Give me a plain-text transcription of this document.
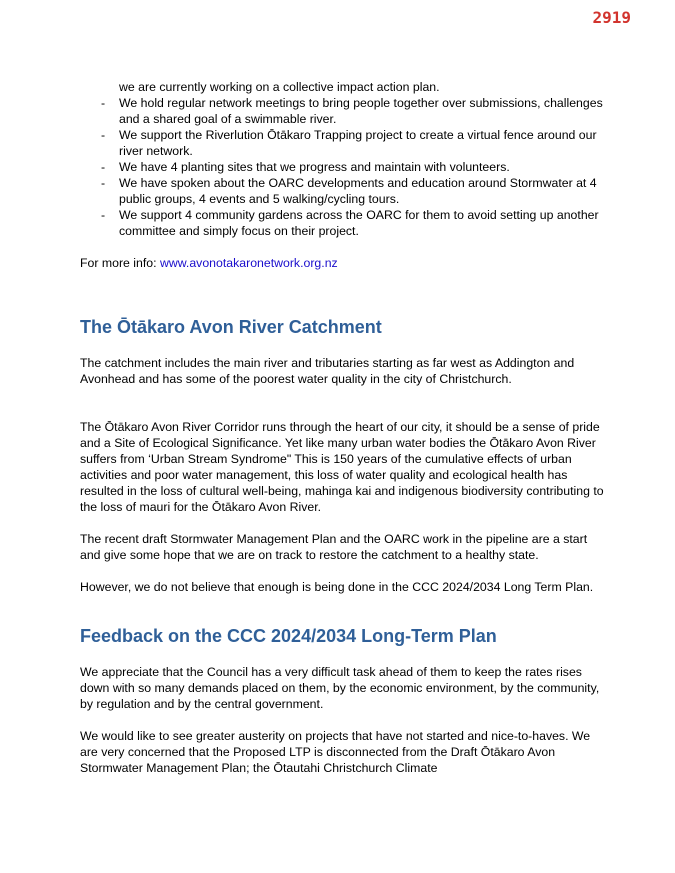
2919

we are currently working on a collective impact action plan.

- We hold regular network meetings to bring people together over submissions, challenges and a shared goal of a swimmable river.
- We support the Riverlution Ōtākaro Trapping project to create a virtual fence around our river network.
- We have 4 planting sites that we progress and maintain with volunteers.
- We have spoken about the OARC developments and education around Stormwater at 4 public groups, 4 events and 5 walking/cycling tours.
- We support 4 community gardens across the OARC for them to avoid setting up another committee and simply focus on their project.

For more info: www.avonotakaronetwork.org.nz

The Ōtākaro Avon River Catchment

The catchment includes the main river and tributaries starting as far west as Addington and Avonhead and has some of the poorest water quality in the city of Christchurch.

The Ōtākaro Avon River Corridor runs through the heart of our city, it should be a sense of pride and a Site of Ecological Significance. Yet like many urban water bodies the Ōtākaro Avon River suffers from ‘Urban Stream Syndrome" This is 150 years of the cumulative effects of urban activities and poor water management, this loss of water quality and ecological health has resulted in the loss of cultural well-being, mahinga kai and indigenous biodiversity contributing to the loss of mauri for the Ōtākaro Avon River.

The recent draft Stormwater Management Plan and the OARC work in the pipeline are a start and give some hope that we are on track to restore the catchment to a healthy state.

However, we do not believe that enough is being done in the CCC 2024/2034 Long Term Plan.

Feedback on the CCC 2024/2034 Long-Term Plan

We appreciate that the Council has a very difficult task ahead of them to keep the rates rises down with so many demands placed on them, by the economic environment, by the community, by regulation and by the central government.

We would like to see greater austerity on projects that have not started and nice-to-haves. We are very concerned that the Proposed LTP is disconnected from the Draft Ōtākaro Avon Stormwater Management Plan; the Ōtautahi Christchurch Climate
